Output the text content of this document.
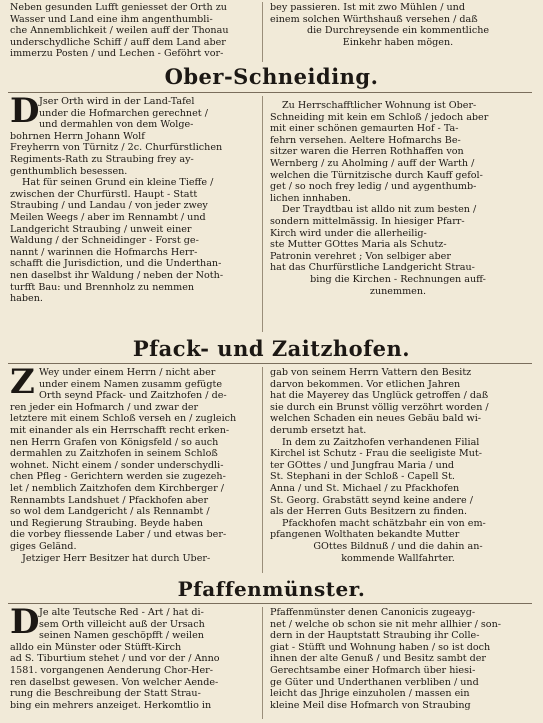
Neben gesunden Lufft geniesset der Orth zu

Wasser und Land eine ihm angenthumbli-

che Annemblichkeit / weilen auff der Thonau

underschydliche Schiff / auff dem Land aber

immerzu Posten / und Lechen - Geföhrt vor-

bey passieren. Ist mit zwo Mühlen / und

einem solchen Würthshauß versehen / daß

die Durchreysende ein kommentliche

Einkehr haben mögen.

Ober-Schneiding.

D Jser Orth wird in der Land-Tafel

under die Hofmarchen gerechnet /

und dermahlen von dem Wolge-

bohrnen Herrn Johann Wolf

Freyherrn von Türnitz / 2c. Churfürstlichen

Regiments-Rath zu Straubing frey ay-

genthumblich besessen.

Hat für seinen Grund ein kleine Tieffe /

zwischen der Churfürstl. Haupt - Statt

Straubing / und Landau / von jeder zwey

Meilen Weegs / aber im Rennambt / und

Landgericht Straubing / unweit einer

Waldung / der Schneidinger - Forst ge-

nannt / warinnen die Hofmarchs Herr-

schafft die Jurisdiction, und die Underthan-

nen daselbst ihr Waldung / neben der Noth-

turfft Bau: und Brennholz zu nemmen

haben.

Zu Herrschafftlicher Wohnung ist Ober-

Schneiding mit kein em Schloß / jedoch aber

mit einer schönen gemaurten Hof - Ta-

fehrn versehen. Aeltere Hofmarchs Be-

sitzer waren die Herren Rothhaffen von

Wernberg / zu Aholming / auff der Warth /

welchen die Türnitzische durch Kauff gefol-

get / so noch frey ledig / und aygenthumb-

lichen innhaben.

Der Traydtbau ist alldo nit zum besten /

sondern mittelmässig. In hiesiger Pfarr-

Kirch wird under die allerheilig-

ste Mutter GOttes Maria als Schutz-

Patronin verehret ; Von selbiger aber

hat das Churfürstliche Landgericht Strau-

bing die Kirchen - Rechnungen auff-

zunemmen.

Pfack- und Zaitzhofen.

Z Wey under einem Herrn / nicht aber

under einem Namen zusamm gefügte

Orth seynd Pfack- und Zaitzhofen / de-

ren jeder ein Hofmarch / und zwar der

letztere mit einem Schloß verseh en / zugleich

mit einander als ein Herrschafft recht erken-

nen Herrn Grafen von Königsfeld / so auch

dermahlen zu Zaitzhofen in seinem Schloß

wohnet. Nicht einem / sonder underschydli-

chen Pfleg - Gerichtern werden sie zugezeh-

let / nemblich Zaitzhofen dem Kirchberger /

Rennambts Landshuet / Pfackhofen aber

so wol dem Landgericht / als Rennambt /

und Regierung Straubing. Beyde haben

die vorbey fliessende Laber / und etwas ber-

giges Geländ.

Jetziger Herr Besitzer hat durch Uber-

gab von seinem Herrn Vattern den Besitz

darvon bekommen. Vor etlichen Jahren

hat die Mayerey das Unglück getroffen / daß

sie durch ein Brunst völlig verzöhrt worden /

welchen Schaden ein neues Gebäu bald wi-

derumb ersetzt hat.

In dem zu Zaitzhofen verhandenen Filial

Kirchel ist Schutz - Frau die seeligiste Mut-

ter GOttes / und Jungfrau Maria / und

St. Stephani in der Schloß - Capell St.

Anna / und St. Michael / zu Pfackhofen

St. Georg. Grabstätt seynd keine andere /

als der Herren Guts Besitzern zu finden.

Pfackhofen macht schätzbahr ein von em-

pfangenen Wolthaten bekandte Mutter

GOttes Bildnuß / und die dahin an-

kommende Wallfahrter.

Pfaffenmünster.

D Je alte Teutsche Red - Art / hat di-

sem Orth villeicht auß der Ursach

seinen Namen geschöpfft / weilen

alldo ein Münster oder Stüfft-Kirch

ad S. Tiburtium stehet / und vor der / Anno

1581. vorgangenen Aenderung Chor-Her-

ren daselbst gewesen. Von welcher Aende-

rung die Beschreibung der Statt Strau-

bing ein mehrers anzeiget. Herkomtlio in

Pfaffenmünster denen Canonicis zugeayg-

net / welche ob schon sie nit mehr allhier / son-

dern in der Hauptstatt Straubing ihr Colle-

giat - Stüfft und Wohnung haben / so ist doch

ihnen der alte Genuß / und Besitz sambt der

Gerechtsambe einer Hofmarch über hiesi-

ge Güter und Underthanen verbliben / und

leicht das Jhrige einzuholen / massen ein

kleine Meil dise Hofmarch von Straubing
